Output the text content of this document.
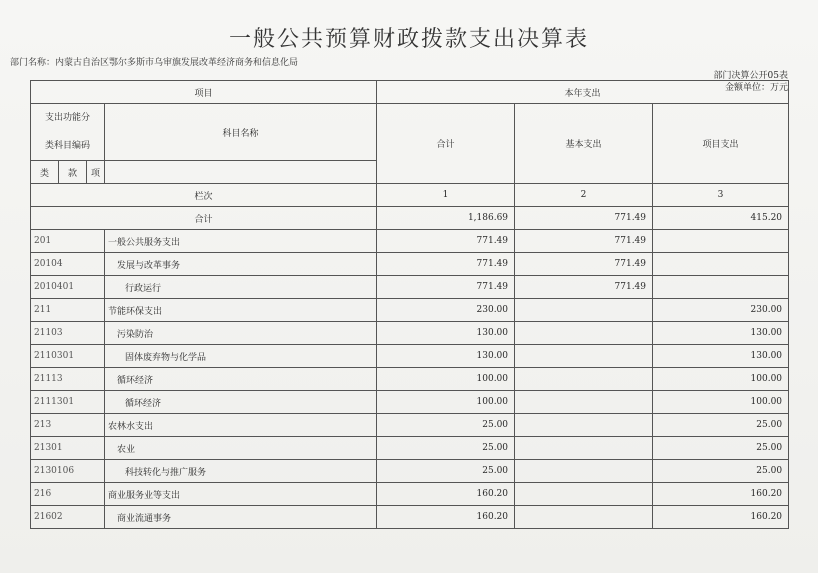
一般公共预算财政拨款支出决算表
部门名称：内蒙古自治区鄂尔多斯市乌审旗发展改革经济商务和信息化局
部门决算公开05表
金额单位：万元
项目				本年支出		

支出功能分
类科目编码			科目名称	合计	基本支出	项目支出

类	款	项				
栏次				1	2	3
合计				1,186.69	771.49	415.20
201			一般公共服务支出	771.49	771.49	
20104			发展与改革事务	771.49	771.49	
2010401			行政运行	771.49	771.49	
211			节能环保支出	230.00		230.00
21103			污染防治	130.00		130.00
2110301			固体废弃物与化学品	130.00		130.00
21113			循环经济	100.00		100.00
2111301			循环经济	100.00		100.00
213			农林水支出	25.00		25.00
21301			农业	25.00		25.00
2130106			科技转化与推广服务	25.00		25.00
216			商业服务业等支出	160.20		160.20
21602			商业流通事务	160.20		160.20
